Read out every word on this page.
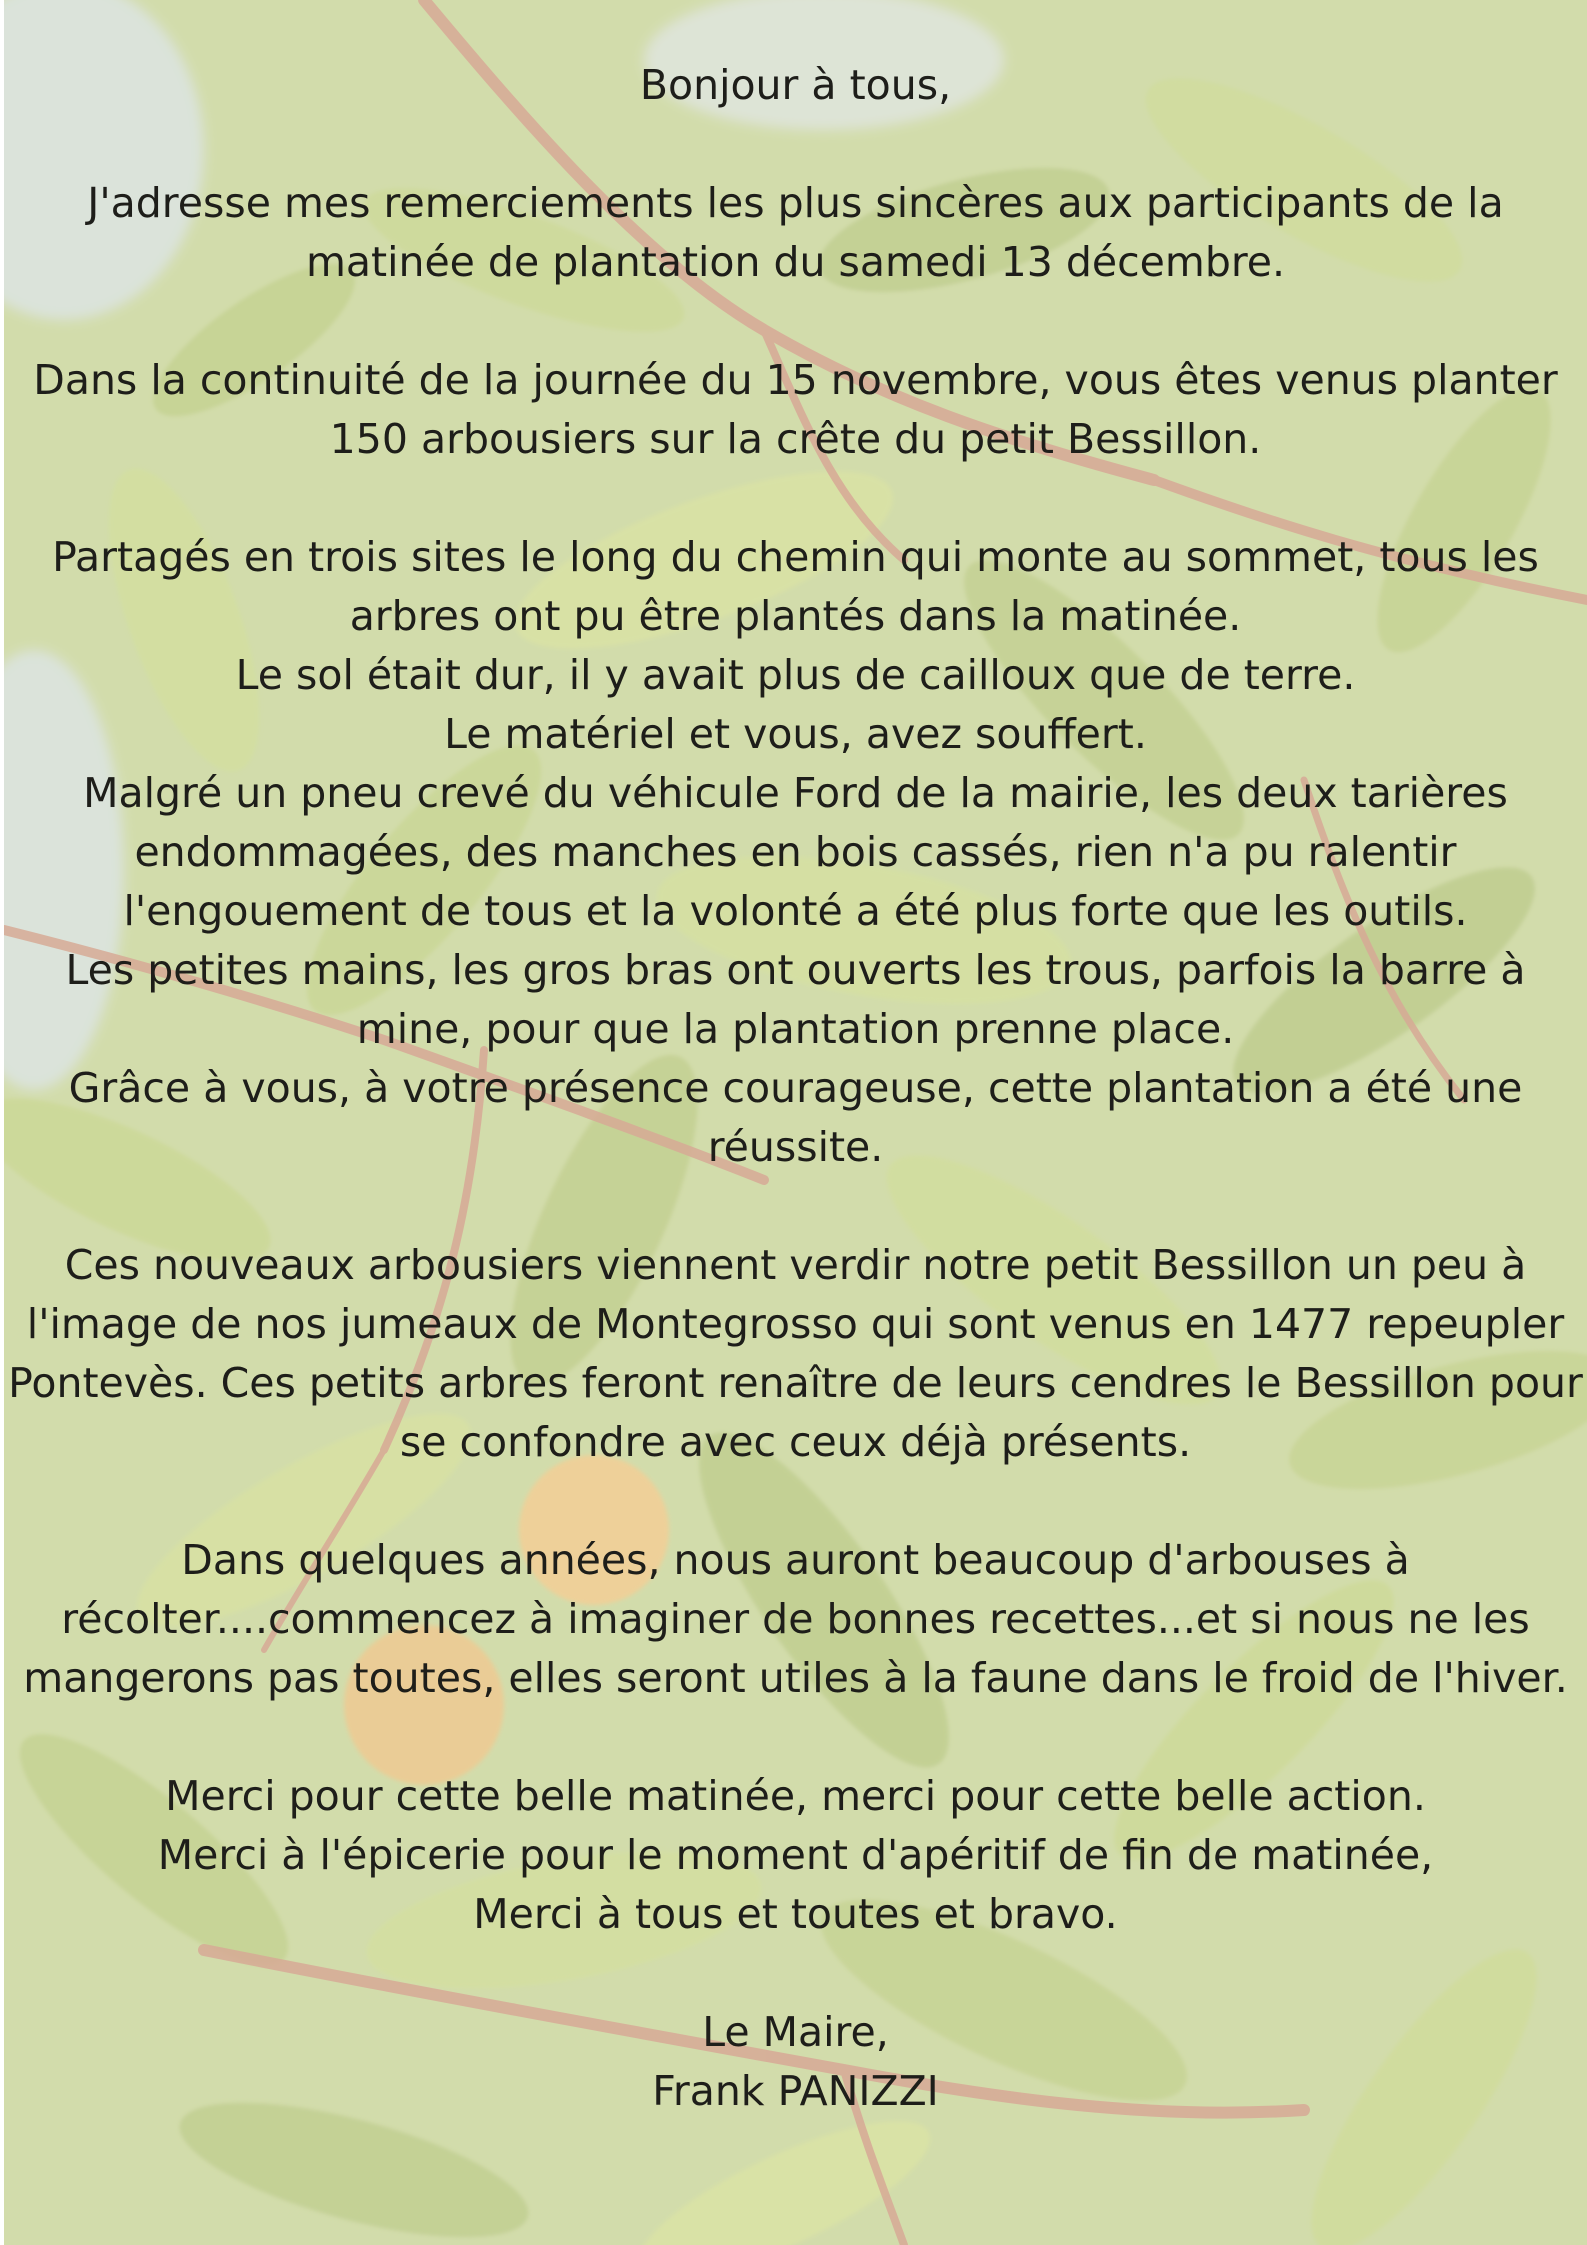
Bonjour à tous,

J'adresse mes remerciements les plus sincères aux participants de la matinée de plantation du samedi 13 décembre.

Dans la continuité de la journée du 15 novembre, vous êtes venus planter 150 arbousiers sur la crête du petit Bessillon.

Partagés en trois sites le long du chemin qui monte au sommet, tous les arbres ont pu être plantés dans la matinée.
Le sol était dur, il y avait plus de cailloux que de terre.
Le matériel et vous, avez souffert.
Malgré un pneu crevé du véhicule Ford de la mairie, les deux tarières endommagées, des manches en bois cassés, rien n'a pu ralentir l'engouement de tous et la volonté a été plus forte que les outils.
Les petites mains, les gros bras ont ouverts les trous, parfois la barre à mine, pour que la plantation prenne place.
Grâce à vous, à votre présence courageuse, cette plantation a été une réussite.

Ces nouveaux arbousiers viennent verdir notre petit Bessillon un peu à l'image de nos jumeaux de Montegrosso qui sont venus en 1477 repeupler Pontevès. Ces petits arbres feront renaître de leurs cendres le Bessillon pour se confondre avec ceux déjà présents.

Dans quelques années, nous auront beaucoup d'arbouses à récolter....commencez à imaginer de bonnes recettes...et si nous ne les mangerons pas toutes, elles seront utiles à la faune dans le froid de l'hiver.

Merci pour cette belle matinée, merci pour cette belle action.
Merci à l'épicerie pour le moment d'apéritif de fin de matinée,
Merci à tous et toutes et bravo.

Le Maire,
Frank PANIZZI
